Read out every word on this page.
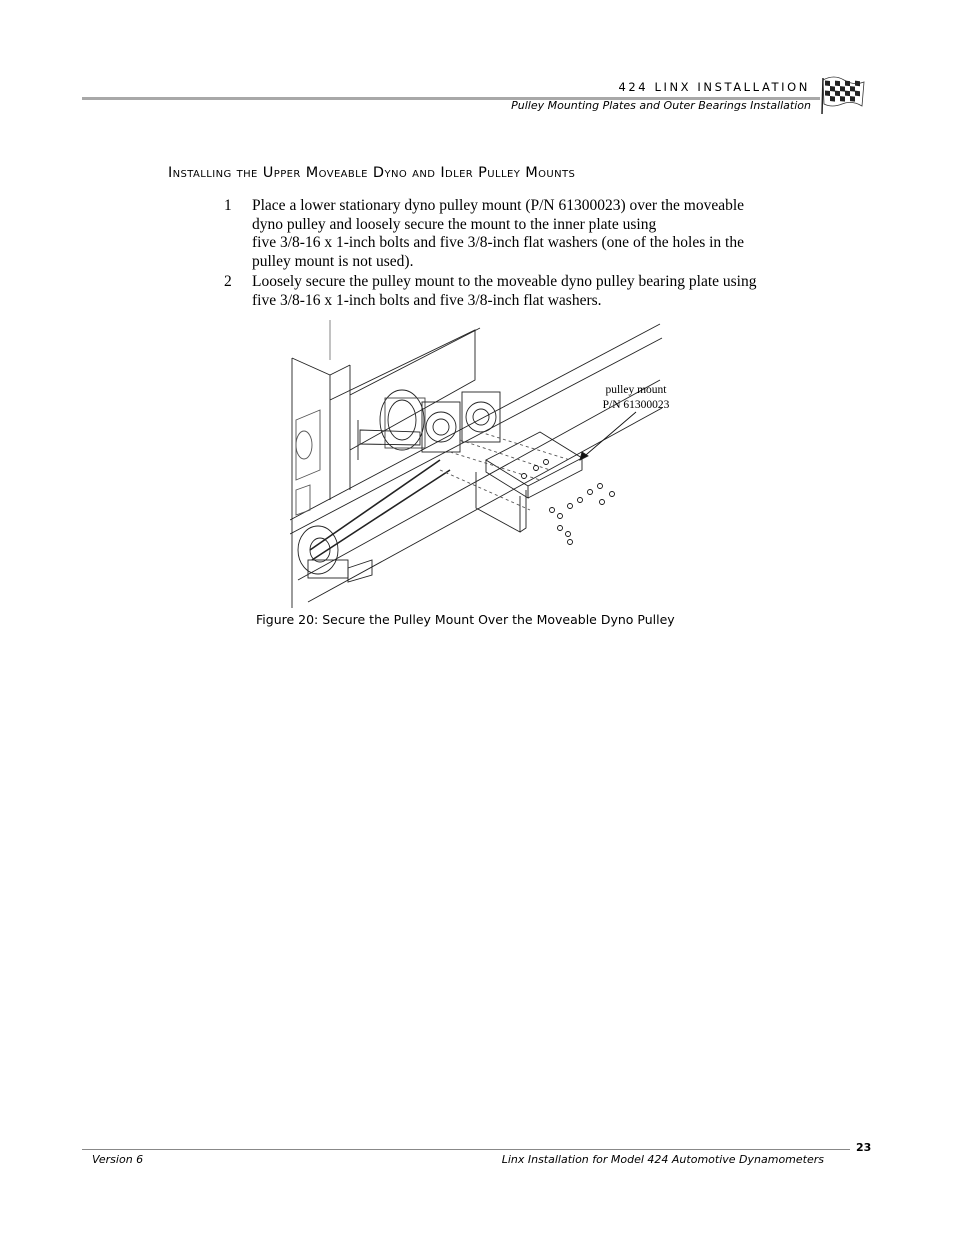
424 LINX INSTALLATION
Pulley Mounting Plates and Outer Bearings Installation
Installing the Upper Moveable Dyno and Idler Pulley Mounts
1 Place a lower stationary dyno pulley mount (P/N 61300023) over the moveable

dyno pulley and loosely secure the mount to the inner plate using

five 3/8-16 x 1-inch bolts and five 3/8-inch flat washers (one of the holes in the

pulley mount is not used).

2 Loosely secure the pulley mount to the moveable dyno pulley bearing plate using

five 3/8-16 x 1-inch bolts and five 3/8-inch flat washers.

pulley mount
P/N 61300023
Figure 20: Secure the Pulley Mount Over the Moveable Dyno Pulley
Version 6	Linx Installation for Model 424 Automotive Dynamometers
23
